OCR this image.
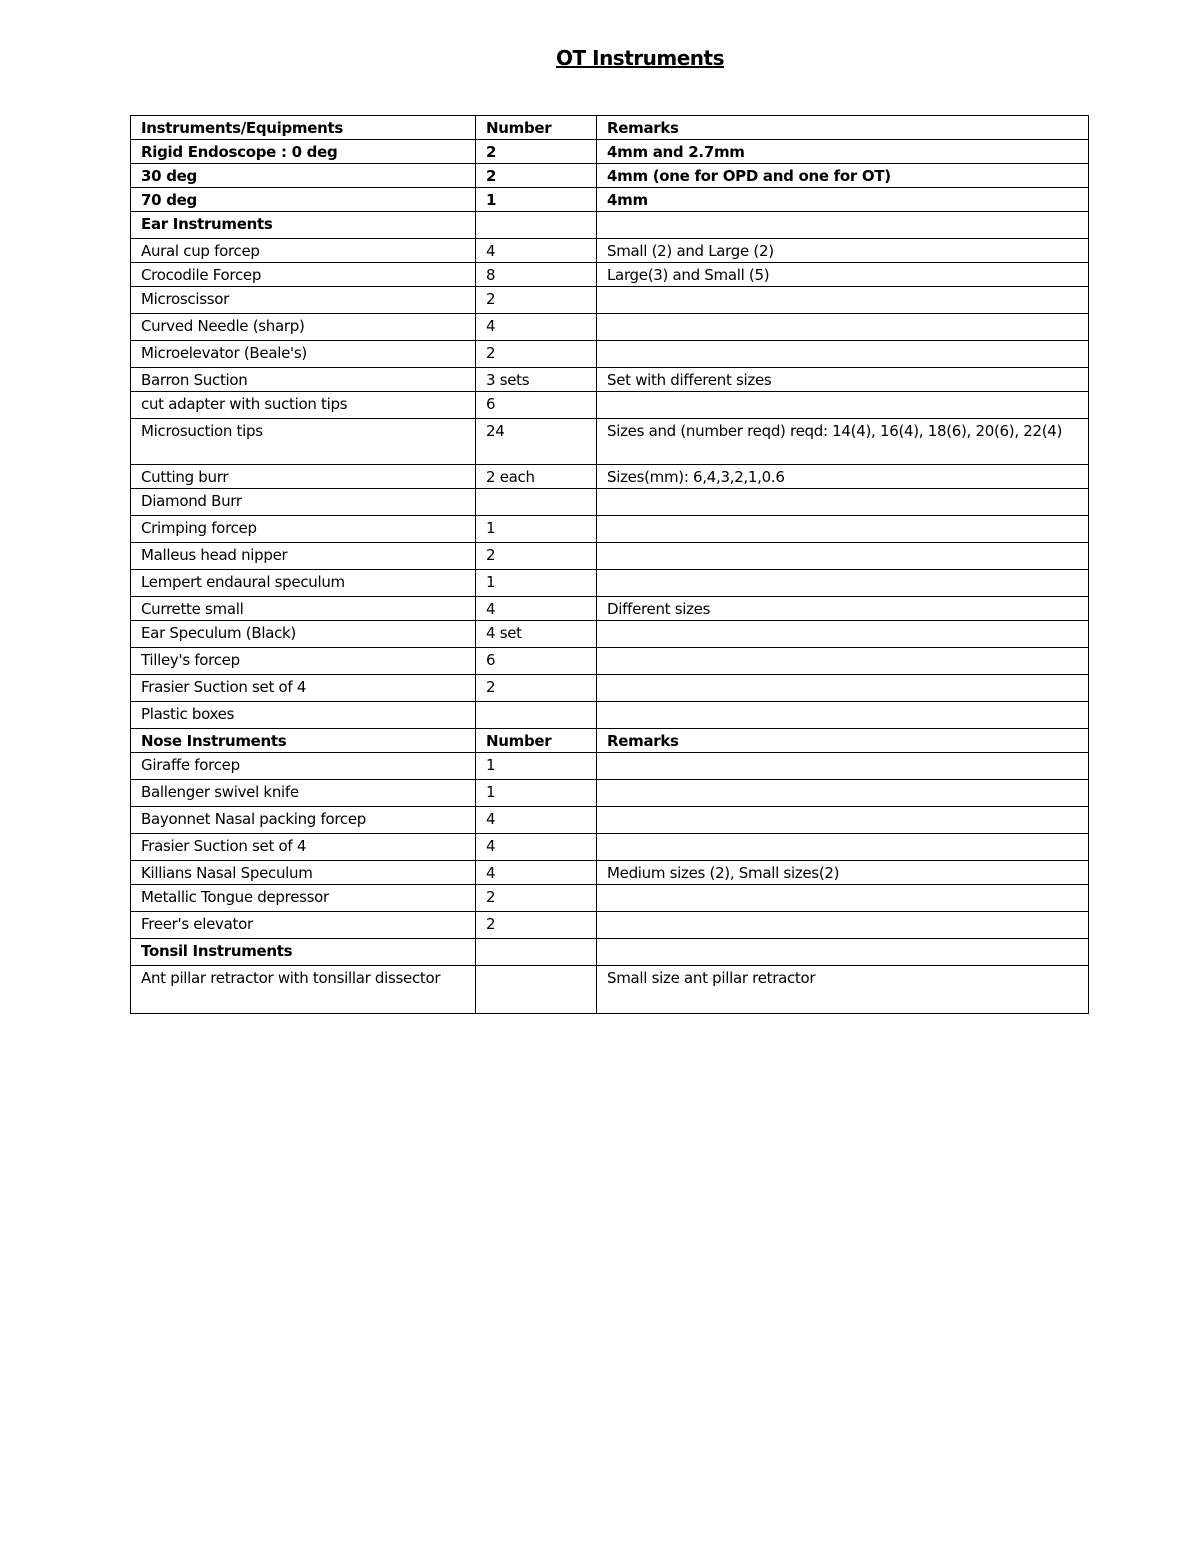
OT Instruments
Instruments/Equipments	Number	Remarks
Rigid Endoscope : 0 deg	2	4mm and 2.7mm
30 deg	2	4mm (one for OPD and one for OT)
70 deg	1	4mm
Ear Instruments		
Aural cup forcep	4	Small (2) and Large (2)
Crocodile Forcep	8	Large(3) and Small (5)
Microscissor	2	
Curved Needle (sharp)	4	
Microelevator (Beale's)	2	
Barron Suction	3 sets	Set with different sizes
cut adapter with suction tips	6	
Microsuction tips	24	Sizes and (number reqd) reqd: 14(4), 16(4), 18(6), 20(6), 22(4)
Cutting burr	2 each	Sizes(mm): 6,4,3,2,1,0.6
Diamond Burr		
Crimping forcep	1	
Malleus head nipper	2	
Lempert endaural speculum	1	
Currette small	4	Different sizes
Ear Speculum (Black)	4 set	
Tilley's forcep	6	
Frasier Suction set of 4	2	
Plastic boxes		
Nose Instruments	Number	Remarks
Giraffe forcep	1	
Ballenger swivel knife	1	
Bayonnet Nasal packing forcep	4	
Frasier Suction set of 4	4	
Killians Nasal Speculum	4	Medium sizes (2), Small sizes(2)
Metallic Tongue depressor	2	
Freer's elevator	2	
Tonsil Instruments		
Ant pillar retractor with tonsillar dissector		Small size ant pillar retractor
